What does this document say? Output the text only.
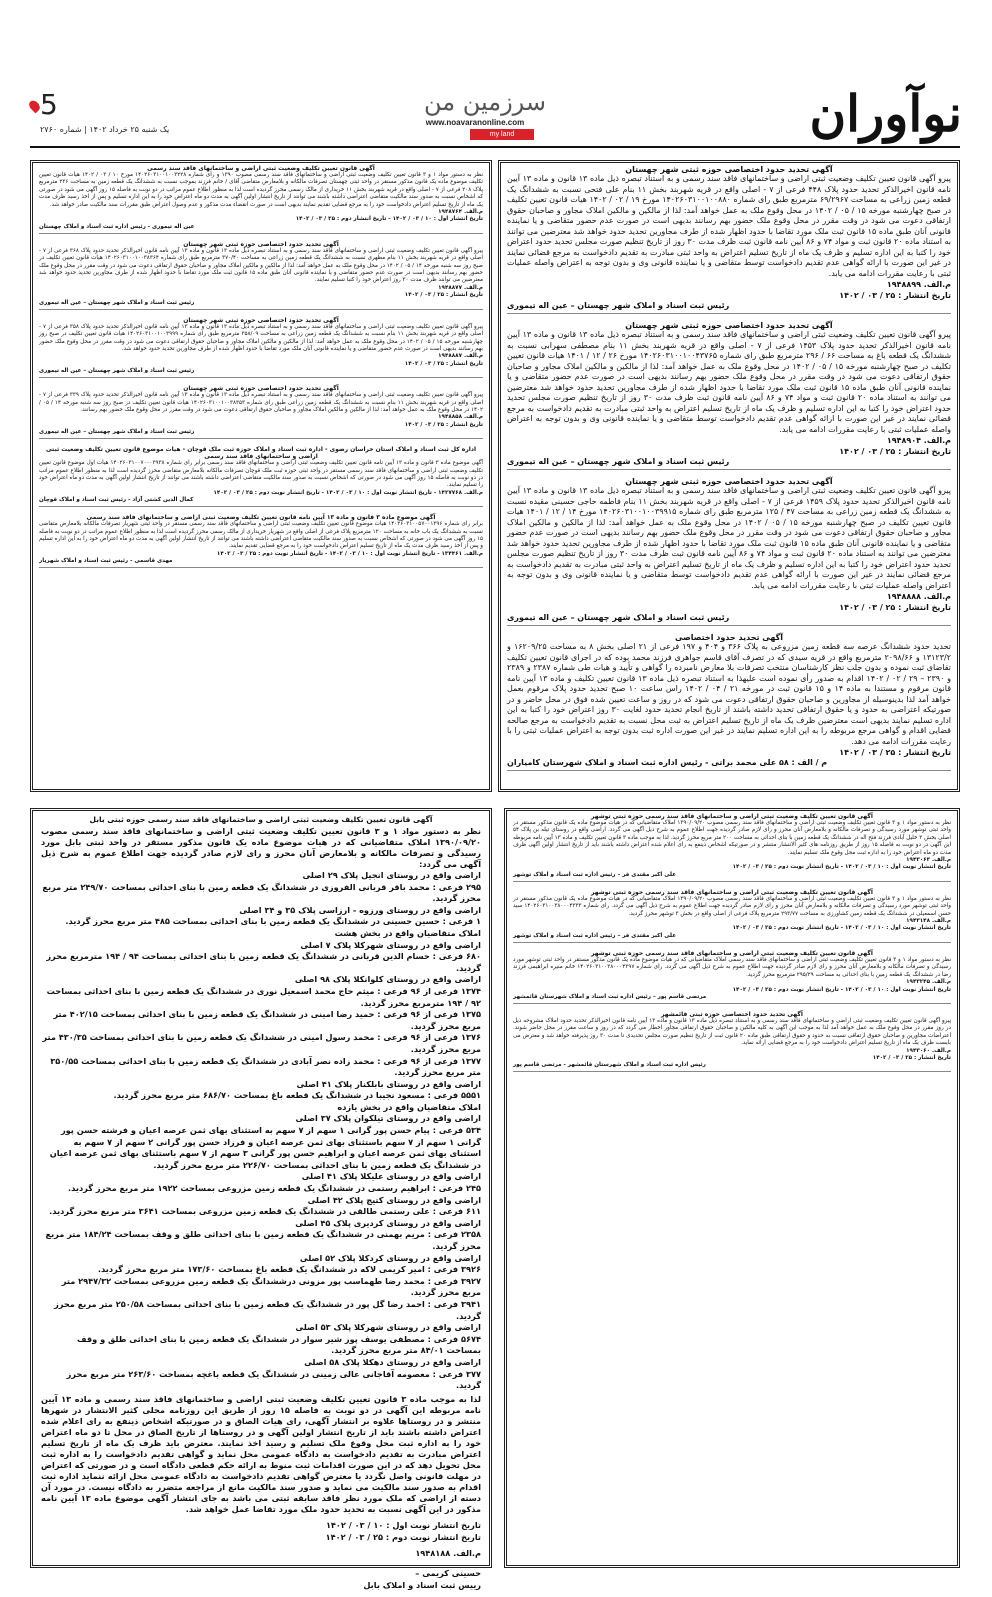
نوآوران
سرزمین من
www.noavaranonline.com
my land
5
یک شنبه ۲۵ خرداد ۱۴۰۲ | شماره ۲۷۶۰
آگهی تحدید حدود اختصاصی حوزه ثبتی شهر چهستان
پیرو آگهی قانون تعیین تکلیف وضعیت ثبتی اراضی و ساختمانهای فاقد سند رسمی و به استناد تبصره ذیل ماده ۱۳ قانون و ماده ۱۳ آیین نامه قانون اخیرالذکر تحدید حدود پلاک ۴۴۸ فرعی از ۷ - اصلی واقع در قریه شهربند بخش ۱۱ بنام علی فتحی نسبت به ششدانگ یک قطعه زمین زراعی به مساحت ۶۹/۲۹۶۷ مترمربع طبق رای شماره ۱۴۰۲۶۰۳۱۰۰۱۰۰۸۸۰ مورخ ۱۹ / ۰۲ / ۱۴۰۲ هیات قانون تعیین تکلیف در صبح چهارشنبه مورخه ۱۵ / ۰۵ / ۱۴۰۲ در محل وقوع ملک به عمل خواهد آمد: لذا از مالکین و مالکین املاک مجاور و صاحبان حقوق ارتفاقی دعوت می شود در وقت مقرر در محل وقوع ملک حضور بهم رسانند بدیهی است در صورت عدم حضور متقاضی و یا نماینده قانونی آنان طبق ماده ۱۵ قانون ثبت ملک مورد تقاضا با حدود اظهار شده از طرف مجاورین تحدید حدود خواهد شد معترضین می توانند به استناد ماده ۲۰ قانون ثبت و مواد ۷۴ و ۸۶ آیین نامه قانون ثبت ظرف مدت ۳۰ روز از تاریخ تنظیم صورت مجلس تحدید حدود اعتراض خود را کتبا به این اداره تسلیم و ظرف یک ماه از تاریخ تسلیم اعتراض به واحد ثبتی مبادرت به تقدیم دادخواست به مرجع قضائی نمایند در غیر این صورت با ارائه گواهی عدم تقدیم دادخواست توسط متقاضی و یا نماینده قانونی وی و بدون توجه به اعتراض واصله عملیات ثبتی با رعایت مقررات ادامه می یابد.
م.الف. ۱۹۴۸۸۹۹
تاریخ انتشار : ۲۵ / ۰۳ / ۱۴۰۲
رئیس ثبت اسناد و املاک شهر چهستان – عین اله تیموری
آگهی تحدید حدود اختصاصی حوزه ثبتی شهر چهستان
پیرو آگهی قانون تعیین تکلیف وضعیت ثبتی اراضی و ساختمانهای فاقد سند رسمی و به استناد تبصره ذیل ماده ۱۳ قانون و ماده ۱۳ آیین نامه قانون اخیرالذکر تحدید حدود پلاک ۱۴۵۳ فرعی از ۷ - اصلی واقع در قریه شهربند بخش ۱۱ بنام مصطفی سهرابی نسبت به ششدانگ یک قطعه باغ به مساحت ۶۶ / ۲۹۶ مترمربع طبق رای شماره ۱۴۰۲۶۰۳۱۰۰۱۰۰۴۳۷۶۵ مورخ ۲۶ / ۱۲ / ۱۴۰۱ هیات قانون تعیین تکلیف در صبح چهارشنبه مورخه ۱۵ / ۰۵ / ۱۴۰۲ در محل وقوع ملک به عمل خواهد آمد: لذا از مالکین و مالکین املاک مجاور و صاحبان حقوق ارتفاقی دعوت می شود در وقت مقرر در محل وقوع ملک حضور بهم رسانند بدیهی است در صورت عدم حضور متقاضی و یا نماینده قانونی آنان طبق ماده ۱۵ قانون ثبت ملک مورد تقاضا با حدود اظهار شده از طرف مجاورین تحدید حدود خواهد شد معترضین می توانند به استناد ماده ۲۰ قانون ثبت و مواد ۷۴ و ۸۶ آیین نامه قانون ثبت ظرف مدت ۳۰ روز از تاریخ تنظیم صورت مجلس تحدید حدود اعتراض خود را کتبا به این اداره تسلیم و ظرف یک ماه از تاریخ تسلیم اعتراض به واحد ثبتی مبادرت به تقدیم دادخواست به مرجع قضائی نمایند در غیر این صورت با ارائه گواهی عدم تقدیم دادخواست توسط متقاضی و یا نماینده قانونی وی و بدون توجه به اعتراض واصله عملیات ثبتی با رعایت مقررات ادامه می یابد.
م.الف. ۱۹۴۸۹۰۴
تاریخ انتشار : ۲۵ / ۰۳ / ۱۴۰۲
رئیس ثبت اسناد و املاک شهر چهستان – عین اله تیموری
آگهی تحدید حدود اختصاصی حوزه ثبتی شهر چهستان
پیرو آگهی قانون تعیین تکلیف وضعیت ثبتی اراضی و ساختمانهای فاقد سند رسمی و به استناد تبصره ذیل ماده ۱۳ قانون و ماده ۱۳ آیین نامه قانون اخیرالذکر تحدید حدود پلاک ۱۴۵۹ فرعی از ۷ - اصلی واقع در قریه شهربند بخش ۱۱ بنام فاطمه حاجی حسینی مقیده نسبت به ششدانگ یک قطعه زمین زراعی به مساحت ۴۷ / ۱۲۵ مترمربع طبق رای شماره ۱۴۰۲۶۰۳۱۰۰۱۰۰۳۹۹۱۵ مورخ ۱۴ / ۱۲ / ۱۴۰۱ هیات قانون تعیین تکلیف در صبح چهارشنبه مورخه ۱۵ / ۰۵ / ۱۴۰۲ در محل وقوع ملک به عمل خواهد آمد: لذا از مالکین و مالکین املاک مجاور و صاحبان حقوق ارتفاقی دعوت می شود در وقت مقرر در محل وقوع ملک حضور بهم رسانند بدیهی است در صورت عدم حضور متقاضی و یا نماینده قانونی آنان طبق ماده ۱۵ قانون ثبت ملک مورد تقاضا با حدود اظهار شده از طرف مجاورین تحدید حدود خواهد شد معترضین می توانند به استناد ماده ۲۰ قانون ثبت و مواد ۷۴ و ۸۶ آیین نامه قانون ثبت ظرف مدت ۳۰ روز از تاریخ تنظیم صورت مجلس تحدید حدود اعتراض خود را کتبا به این اداره تسلیم و ظرف یک ماه از تاریخ تسلیم اعتراض به واحد ثبتی مبادرت به تقدیم دادخواست به مرجع قضائی نمایند در غیر این صورت با ارائه گواهی عدم تقدیم دادخواست توسط متقاضی و یا نماینده قانونی وی و بدون توجه به اعتراض واصله عملیات ثبتی با رعایت مقررات ادامه می یابد.
م.الف. ۱۹۴۸۸۸۸
تاریخ انتشار : ۲۵ / ۰۳ / ۱۴۰۲
رئیس ثبت اسناد و املاک شهر چهستان – عین اله تیموری
آگهی تحدید حدود اختصاصی
تحدید حدود ششدانگ عرصه سه قطعه زمین مزروعی به پلاک ۳۶۶ و ۴۰۴ و ۱۹۷ فرعی از ۲۱ اصلی بخش ۸ به مساحت ۱۶۲۰۹/۲۵ و ۱۳۱۲۳/۲ و ۲۰۹۸/۶۶ مترمربع واقع در قریه سیدی که در تصرف آقای قاسم جواهری فرزند محمد بوده که در اجرای قانون تعیین تکلیف تقاضای ثبت نموده و بدون جلب نظر کارشناسان منتخب تصرفات بلا معارض نامبرده را گواهی و تأیید و هیات طی شماره ۲۳۸۷ و ۲۳۸۹ و ۲۳۹۰ – ۲۹ / ۰۲ / ۱۴۰۲ اقدام به صدور رأی نموده است علیهذا به استناد تبصره ذیل ماده ۱۳ قانون تعیین تکلیف و ماده ۱۳ آیین نامه قانون مرقوم و مستندا به ماده ۱۴ و ۱۵ قانون ثبت در مورخه ۲۱ / ۰۴ / ۱۴۰۲ راس ساعت ۱۰ صبح تحدید حدود پلاک مرقوم بعمل خواهد آمد لذا بدینوسیله از مجاورین و صاحبان حقوق ارتفاقی دعوت می شود که در روز و ساعت تعیین شده فوق در محل حاضر و در صورتیکه اعتراضی به حدود و یا حقوق ارتفاقی تحدید داشته باشند از تاریخ انجام تحدید حدود لغایت ۳۰ روز اعتراض خود را کتبا به این اداره تسلیم نمایند بدیهی است معترضین ظرف یک ماه از تاریخ تسلیم اعتراض به ثبت محل نسبت به تقدیم دادخواست به مرجع صالحه قضایی اقدام و گواهی مرجع مربوطه را به این اداره تسلیم نمایند در غیر این صورت اداره ثبت بدون توجه به اعتراض عملیات ثبتی را با رعایت مقررات ادامه می دهد.
تاریخ انتشار : ۲۵ / ۰۳ / ۱۴۰۲
م / الف : ۵۸ علی محمد براتی - رئیس اداره ثبت اسناد و املاک شهرستان کامیاران
آگهی قانون تعیین تکلیف وضعیت ثبتی اراضی و ساختمانهای فاقد سند رسمی
نظر به دستور مواد ۱ و ۳ قانون تعیین تکلیف وضعیت ثبتی اراضی و ساختمانهای فاقد سند رسمی مصوب ۱۳۹۰ و رأی شماره ۱۴۰۲۶۰۳۱۰۰۱۰۰۳۲۲۸ مورخ ۱۰ / ۰۳ / ۱۴۰۲ هیات قانون تعیین تکلیف موضوع ماده یک قانون مذکور مستقر در واحد ثبتی چهستان تصرفات مالکانه و بلامعارض متقاضی آقای / خانم فرزند بموجب نسبت به ششدانگ یک قطعه زمین به مساحت ۲۳۶ مترمربع پلاک ۲۰۸ فرعی از ۷ - اصلی واقع در قریه شهربند بخش ۱۱ خریداری از مالک رسمی محرز گردیده است لذا به منظور اطلاع عموم مراتب در دو نوبت به فاصله ۱۵ روز آگهی می شود در صورتی که اشخاص نسبت به صدور سند مالکیت متقاضی اعتراضی داشته باشند می توانند از تاریخ انتشار اولین آگهی به مدت دو ماه اعتراض خود را به این اداره تسلیم و پس از اخذ رسید ظرف مدت یک ماه از تاریخ تسلیم اعتراض دادخواست خود را به مرجع قضایی تقدیم نمایند بدیهی است در صورت انقضاء مدت مذکور و عدم وصول اعتراض طبق مقررات سند مالکیت صادر خواهد شد.
م.الف. ۱۹۴۸۷۶۴
تاریخ انتشار اول : ۱۰ / ۰۳ / ۱۴۰۲ - تاریخ انتشار دوم : ۲۵ / ۰۳ / ۱۴۰۲
عین اله تیموری - رئیس اداره ثبت اسناد و املاک چهستان
آگهی تحدید حدود اختصاصی حوزه ثبتی شهر چهستان
پیرو آگهی قانون تعیین تکلیف وضعیت ثبتی اراضی و ساختمانهای فاقد سند رسمی و به استناد تبصره ذیل ماده ۱۳ قانون و ماده ۱۳ آیین نامه قانون اخیرالذکر تحدید حدود پلاک ۳۶۸ فرعی از ۷ - اصلی واقع در قریه شهربند بخش ۱۱ بنام مظهری نسبت به ششدانگ یک قطعه زمین زراعی به مساحت ۳۷۰/۴۰ مترمربع طبق رای شماره ۱۴۰۲۶۰۳۱۰۰۱۰۰۳۸۳۶۴ هیات قانون تعیین تکلیف در صبح روز سه شنبه مورخه ۱۴ / ۰۵ / ۱۴۰۲ در محل وقوع ملک به عمل خواهد آمد: لذا از مالکین و مالکین املاک مجاور و صاحبان حقوق ارتفاقی دعوت می شود در وقت مقرر در محل وقوع ملک حضور بهم رسانند بدیهی است در صورت عدم حضور متقاضی و یا نماینده قانونی آنان طبق ماده ۱۵ قانون ثبت ملک مورد تقاضا با حدود اظهار شده از طرف مجاورین تحدید حدود خواهد شد معترضین می توانند ظرف مدت ۳۰ روز اعتراض خود را کتبا تسلیم نمایند.
م.الف. ۱۹۴۸۸۷۷
تاریخ انتشار : ۲۵ / ۰۳ / ۱۴۰۲
رئیس ثبت اسناد و املاک شهر چهستان – عین اله تیموری
آگهی تحدید حدود اختصاصی حوزه ثبتی شهر چهستان
پیرو آگهی قانون تعیین تکلیف وضعیت ثبتی اراضی و ساختمانهای فاقد سند رسمی و به استناد تبصره ذیل ماده ۱۳ قانون و ماده ۱۳ آیین نامه قانون اخیرالذکر تحدید حدود پلاک ۳۵۸ فرعی از ۷ - اصلی واقع در قریه شهربند بخش ۱۱ بنام نسبت به ششدانگ یک قطعه زمین زراعی به مساحت ۳۵۸/۰۹ مترمربع طبق رای شماره ۱۴۰۲۶۰۳۱۰۰۱۰۰۳۹۹۹ هیات قانون تعیین تکلیف در صبح روز چهارشنبه مورخه ۱۵ / ۰۵ / ۱۴۰۲ در محل وقوع ملک به عمل خواهد آمد: لذا از مالکین و مالکین املاک مجاور و صاحبان حقوق ارتفاقی دعوت می شود در وقت مقرر در محل وقوع ملک حضور بهم رسانند بدیهی است در صورت عدم حضور متقاضی و یا نماینده قانونی آنان ملک مورد تقاضا با حدود اظهار شده از طرف مجاورین تحدید حدود خواهد شد.
م.الف. ۱۹۴۸۸۸۷
تاریخ انتشار : ۲۵ / ۰۳ / ۱۴۰۲
رئیس ثبت اسناد و املاک شهر چهستان – عین اله تیموری
آگهی تحدید حدود اختصاصی حوزه ثبتی شهر چهستان
پیرو آگهی قانون تعیین تکلیف وضعیت ثبتی اراضی و ساختمانهای فاقد سند رسمی و به استناد تبصره ذیل ماده ۱۳ قانون و ماده ۱۳ آیین نامه قانون اخیرالذکر تحدید حدود پلاک ۳۳۹ فرعی از ۷ - اصلی واقع در قریه شهربند بخش ۱۱ بنام نسبت به ششدانگ یک قطعه زمین زراعی طبق رای شماره ۱۴۰۲۶۰۳۱۰۰۱۰۰۳۸۳۵۳ هیات قانون تعیین تکلیف در صبح روز سه شنبه مورخه ۱۴ / ۰۵ / ۱۴۰۲ در محل وقوع ملک به عمل خواهد آمد: لذا از مالکین و مالکین املاک مجاور و صاحبان حقوق ارتفاقی دعوت می شود در وقت مقرر در محل وقوع ملک حضور بهم رسانند.
م.الف. ۱۹۴۸۸۵۸
تاریخ انتشار : ۲۵ / ۰۳ / ۱۴۰۲
رئیس ثبت اسناد و املاک شهر چهستان – عین اله تیموری
اداره کل ثبت اسناد و املاک استان خراسان رضوی - اداره ثبت اسناد و املاک حوزه ثبت ملک قوچان - هیات موضوع قانون تعیین تکلیف وضعیت ثبتی اراضی و ساختمانهای فاقد سند رسمی
آگهی موضوع ماده ۳ قانون و ماده ۱۳ آیین نامه قانون تعیین تکلیف وضعیت ثبتی اراضی و ساختمانهای فاقد سند رسمی برابر رای شماره ۱۴۰۲۶۰۳۱۰۰۷۰۰۰۳۹۳۸ هیات اول موضوع قانون تعیین تکلیف وضعیت ثبتی اراضی و ساختمانهای فاقد سند رسمی مستقر در واحد ثبتی حوزه ثبت ملک قوچان تصرفات مالکانه بلامعارض متقاضی محرز گردیده است لذا به منظور اطلاع عموم مراتب در دو نوبت به فاصله ۱۵ روز آگهی می شود در صورتی که اشخاص نسبت به صدور سند مالکیت متقاضی اعتراضی داشته باشند می توانند از تاریخ انتشار اولین آگهی به مدت دو ماه اعتراض خود را تسلیم نمایند.
م.الف. ۱۴۲۷۷۶۸ - تاریخ انتشار نوبت اول : ۱۰ / ۰۳ / ۱۴۰۲ - تاریخ انتشار نوبت دوم : ۲۵ / ۰۳ / ۱۴۰۲
کمال الدین کشتی آزاد - رئیس ثبت اسناد و املاک قوچان
آگهی موضوع ماده ۳ قانون و ماده ۱۳ آیین نامه قانون تعیین تکلیف وضعیت ثبتی اراضی و ساختمانهای فاقد سند رسمی
برابر رای شماره ۱۴۰۲۶۰۳۱۰۰۵۷۰۰۱۳۹۶ هیات موضوع قانون تعیین تکلیف وضعیت ثبتی اراضی و ساختمانهای فاقد سند رسمی مستقر در واحد ثبتی شهریار تصرفات مالکانه بلامعارض متقاضی نسبت به ششدانگ یک باب خانه به مساحت ۱۲۰ مترمربع پلاک فرعی از اصلی واقع در شهریار خریداری از مالک رسمی محرز گردیده است لذا به منظور اطلاع عموم مراتب در دو نوبت به فاصله ۱۵ روز آگهی می شود در صورتی که اشخاص نسبت به صدور سند مالکیت متقاضی اعتراضی داشته باشند می توانند از تاریخ انتشار اولین آگهی به مدت دو ماه اعتراض خود را به این اداره تسلیم و پس از اخذ رسید ظرف مدت یک ماه از تاریخ تسلیم اعتراض دادخواست خود را به مرجع قضایی تقدیم نمایند.
م.الف. ۱۳۴۴۶۱ - تاریخ انتشار نوبت اول : ۱۰ / ۰۳ / ۱۴۰۲ - تاریخ انتشار نوبت دوم : ۲۵ / ۰۳ / ۱۴۰۲
مهدی قاسمی - رئیس ثبت اسناد و املاک شهریار
آگهی قانون تعیین تکلیف وضعیت ثبتی اراضی و ساختمانهای فاقد سند رسمی حوزه ثبتی بابل
نظر به دستور مواد ۱ و ۳ قانون تعیین تکلیف وضعیت ثبتی اراضی و ساختمانهای فاقد سند رسمی مصوب ۱۳۹۰/۰۹/۲۰ املاک متقاضیانی که در هیات موضوع ماده یک قانون مذکور مستقر در واحد ثبتی بابل مورد رسیدگی و تصرفات مالکانه و بلامعارض آنان محرز و رای لازم صادر گردیده جهت اطلاع عموم به شرح ذیل آگهی می گردد:
اراضی واقع در روستای انجیل پلاک ۲۹ اصلی
۲۹۵ فرعی : محمد باقر قربانی الفروزی در ششدانگ یک قطعه زمین با بنای احداثی بمساحت ۲۴۹/۷۰ متر مربع محرز گردید.
اراضی واقع در روستای ورزوه - ارزاسی پلاک ۳۵ و ۳۴ اصلی
۱ فرعی : حسین حسینی در ششدانگ یک قطعه زمین با بنای احداثی بمساحت ۴۸۵ متر مربع محرز گردید.
املاک متقاضیان واقع در بخش هشت
اراضی واقع در روستای شهرکلا پلاک ۷ اصلی
۶۸۰ فرعی : حسام الدین قربانی در ششدانگ یک قطعه زمین با بنای احداثی بمساحت ۹۴ / ۱۹۴ مترمربع محرز گردید.
اراضی واقع در روستای کلوانکلا پلاک ۹۸ اصلی
۱۳۷۴ فرعی از ۹۶ فرعی : میثم حاج محمد اسمعیل نوری در ششدانگ یک قطعه زمین با بنای احداثی بمساحت ۹۲ / ۱۹۴ مترمربع محرز گردید.
۱۳۷۵ فرعی از ۹۶ فرعی : حمید رضا امینی در ششدانگ یک قطعه زمین با بنای احداثی بمساحت ۴۰۲/۱۵ متر مربع محرز گردید.
۱۳۷۶ فرعی از ۹۶ فرعی : محمد رسول امینی در ششدانگ یک قطعه زمین با بنای احداثی بمساحت ۴۳۰/۳۵ متر مربع محرز گردید.
۱۳۷۷ فرعی از ۹۶ فرعی : محمد زاده نصر آبادی در ششدانگ یک قطعه زمین با بنای احداثی بمساحت ۳۵۰/۵۵ متر مربع محرز گردید.
اراضی واقع در روستای بابلکنار پلاک ۴۱ اصلی
۵۵۵۱ فرعی : مسعود نجیبا در ششدانگ یک قطعه باغ بمساحت ۶۸۶/۷۰ متر مربع محرز گردید.
املاک متقاضیان واقع در بخش یازده
اراضی واقع در روستای تیلکوان پلاک ۳۷ اصلی
۵۳۴ فرعی : پیام حسن پور گرانی ۱ سهم از ۷ سهم به استثنای بهای ثمن عرصه اعیان و فرشته حسن پور گرانی ۱ سهم از ۷ سهم باستثنای بهای ثمن عرصه اعیان و فرزاد حسن پور گرانی ۲ سهم از ۷ سهم به استثنای بهای ثمن عرصه اعیان و ابراهیم حسن پور گرانی ۳ سهم از ۷ سهم باستثنای بهای ثمن عرصه اعیان در ششدانگ یک قطعه زمین با بنای احداثی بمساحت ۲۲۶/۷۰ متر مربع محرز گردید.
اراضی واقع در روستای علیکلا پلاک ۴۱ اصلی
۲۴۵ فرعی : ابراهیم رستمی در ششدانگ یک قطعه زمین مزروعی بمساحت ۱۹۲۲ متر مربع محرز گردید.
اراضی واقع در روستای کتیج پلاک ۴۲ اصلی
۶۱۱ فرعی : علی رستمی طالقی در ششدانگ یک قطعه زمین مزروعی بمساحت ۳۶۴۱ متر مربع محرز گردید.
اراضی واقع در روستای کردیری پلاک ۴۵ اصلی
۲۳۵۸ فرعی : مریم بهمنی در ششدانگ یک قطعه زمین با بنای احداثی طلق و وقف بمساحت ۱۸۴/۲۴ متر مربع محرز گردید.
اراضی واقع در روستای کردکلا پلاک ۵۲ اصلی
۳۹۲۶ فرعی : امیر کریمی لاکه در ششدانگ یک قطعه باغ بمساحت ۱۷۳/۶۰ متر مربع محرز گردید.
۳۹۲۷ فرعی : محمد رضا طهماسب پور مزونی درششدانگ یک قطعه زمین مزروعی بمساحت ۲۹۴۷/۳۲ متر مربع محرز گردید.
۳۹۴۱ فرعی : احمد رضا گل پور در ششدانگ یک قطعه زمین با بنای احداثی بمساحت ۲۵۰/۵۸ متر مربع محرز گردید.
اراضی واقع در روستای شهرکلا پلاک ۵۳ اصلی
۵۶۷۴ فرعی : مصطفی یوسف پور شیر سوار در ششدانگ یک قطعه زمین با بنای احداثی طلق و وقف بمساحت ۸۴/۰۱ متر مربع محرز گردید.
اراضی واقع در روستای دهکلا پلاک ۵۸ اصلی
۳۷۷ فرعی : معصومه آقاجانی عالی زمینی در ششدانگ یک قطعه باغچه بمساحت ۲۶۳/۶۰ متر مربع محرز گردید.
لذا به موجب ماده ۳ قانون تعیین تکلیف وضعیت ثبتی اراضی و ساختمانهای فاقد سند رسمی و ماده ۱۳ آیین نامه مربوطه این آگهی در دو نوبت به فاصله ۱۵ روز از طریق این روزنامه محلی کثیر الانتشار در شهرها منتشر و در روستاها علاوه بر انتشار آگهی، رای هیات الصاق و در صورتیکه اشخاص ذینفع به رای اعلام شده اعتراض داشته باشند باید از تاریخ انتشار اولین آگهی و در روستاها از تاریخ الصاق در محل تا دو ماه اعتراض خود را به اداره ثبت محل وقوع ملک تسلیم و رسید اخذ نمایند. معترض باید ظرف یک ماه از تاریخ تسلیم اعتراض مبادرت به تقدیم دادخواست به دادگاه عمومی محل نماید و گواهی تقدیم دادخواست را به اداره ثبت محل تحویل دهد که در این صورت اقدامات ثبت منوط به ارائه حکم قطعی دادگاه است و در صورتی که اعتراض در مهلت قانونی واصل نگردد یا معترض گواهی تقدیم دادخواست به دادگاه عمومی محل ارائه ننماید اداره ثبت اقدام به صدور سند مالکیت می نماید و صدور سند مالکیت مانع از مراجعه متضرر به دادگاه نیست. در مورد آن دسته از اراضی که ملک مورد نظر فاقد سابقه ثبتی می باشد به جای انتشار آگهی موضوع ماده ۱۳ آیین نامه مذکور در این آگهی نسبت به تحدید حدود ملک مورد تقاضا عمل خواهد شد.
تاریخ انتشار نوبت اول : ۱۰ / ۰۳ / ۱۴۰۲
تاریخ انتشار نوبت دوم : ۲۵ / ۰۳ / ۱۴۰۲
م.الف. ۱۹۴۸۱۸۸
حسینی کریمی –
رییس ثبت اسناد و املاک بابل
آگهی قانون تعیین تکلیف وضعیت ثبتی اراضی و ساختمانهای فاقد سند رسمی حوزه ثبتی توشهر
نظر به دستور مواد ۱ و ۳ قانون تعیین تکلیف وضعیت ثبتی اراضی و ساختمانهای فاقد سند رسمی مصوب ۱۳۹۰/۰۹/۲۰ املاک متقاضیانی که در هیات موضوع ماده یک قانون مذکور مستقر در واحد ثبتی توشهر مورد رسیدگی و تصرفات مالکانه و بلامعارض آنان محرز و رای لازم صادر گردیده جهت اطلاع عموم به شرح ذیل آگهی می گردد. اراضی واقع در روستای تیله بن پلاک ۵۴ اصلی بخش ۳ خلیل آبادی فرزند فتح اله در ششدانگ یک قطعه زمین با بنای احداثی به مساحت ۲۰۰ متر مربع محرز گردید. لذا به موجب ماده ۳ قانون تعیین تکلیف و ماده ۱۳ آیین نامه مربوطه این آگهی در دو نوبت به فاصله ۱۵ روز از طریق روزنامه های کثیر الانتشار منتشر و در صورتیکه اشخاص ذینفع به رای اعلام شده اعتراض داشته باشند باید از تاریخ انتشار اولین آگهی ظرف مدت دو ماه اعتراض خود را به اداره ثبت محل وقوع ملک تسلیم نمایند.
م.الف. ۱۹۴۳۰۶۳
تاریخ انتشار نوبت اول : ۱۰ / ۰۳ / ۱۴۰۲ - تاریخ انتشار نوبت دوم : ۲۵ / ۰۳ / ۱۴۰۲
علی اکبر مقتدی فر – رئیس اداره ثبت اسناد و املاک توشهر
آگهی قانون تعیین تکلیف وضعیت ثبتی اراضی و ساختمانهای فاقد سند رسمی حوزه ثبتی توشهر
نظر به دستور مواد ۱ و ۳ قانون تعیین تکلیف وضعیت ثبتی اراضی و ساختمانهای فاقد سند رسمی مصوب ۱۳۹۰/۰۹/۲۰ املاک متقاضیانی که در هیات موضوع ماده یک قانون مذکور مستقر در واحد ثبتی توشهر مورد رسیدگی و تصرفات مالکانه و بلامعارض آنان محرز و رای لازم صادر گردیده جهت اطلاع عموم به شرح ذیل آگهی می گردد. رای شماره ۱۴۰۲۶۰۳۱۰۰۳۸۰۰۰۴۳۳۳ سید حسن اسمعیلی در ششدانگ یک قطعه زمین کشاورزی به مساحت ۲۹۳/۷۷ مترمربع پلاک فرعی از اصلی واقع در بخش ۳ توشهر محرز گردید.
م.الف. ۱۹۴۳۱۴۸
تاریخ انتشار نوبت اول : ۱۰ / ۰۳ / ۱۴۰۲ - تاریخ انتشار نوبت دوم : ۲۵ / ۰۳ / ۱۴۰۲
علی اکبر مقتدی فر – رئیس اداره ثبت اسناد و املاک توشهر
آگهی قانون تعیین تکلیف وضعیت ثبتی اراضی و ساختمانهای فاقد سند رسمی حوزه ثبتی توشهر
نظر به دستور مواد ۱ و ۳ قانون تعیین تکلیف وضعیت ثبتی اراضی و ساختمانهای فاقد سند رسمی املاک متقاضیانی که در هیات موضوع ماده یک قانون مذکور مستقر در واحد ثبتی توشهر مورد رسیدگی و تصرفات مالکانه و بلامعارض آنان محرز و رای لازم صادر گردیده جهت اطلاع عموم به شرح ذیل آگهی می گردد. رای شماره ۱۴۰۲۶۰۳۱۰۰۳۸۰۰۰۴۳۹۷ خانم منیره ابراهیمی فرزند رضا در ششدانگ یک قطعه زمین با بنای احداثی به مساحت ۲۹۵/۲۹ مترمربع محرز گردید.
م.الف. ۱۹۴۳۲۴۵
تاریخ انتشار نوبت اول : ۱۰ / ۰۳ / ۱۴۰۲ - تاریخ انتشار نوبت دوم : ۲۵ / ۰۳ / ۱۴۰۲
مرتضی قاسم پور – رئیس اداره ثبت اسناد و املاک شهرستان قائمشهر
آگهی تحدید حدود اختصاصی حوزه ثبتی قائمشهر
پیرو آگهی قانون تعیین تکلیف وضعیت ثبتی اراضی و ساختمانهای فاقد سند رسمی و به استناد تبصره ذیل ماده ۱۳ قانون و ماده ۱۳ آیین نامه قانون اخیرالذکر تحدید حدود املاک مشروحه ذیل در روز مقرر در محل وقوع ملک به عمل خواهد آمد لذا به موجب این آگهی به کلیه مالکین و صاحبان حقوق ارتفاقی مجاور اخطار می گردد که در روز و ساعت مقرر در محل حاضر شوند. اعتراضات مجاورین و صاحبان حقوق ارتفاقی نسبت به حدود و حقوق ارتفاقی طبق ماده ۲۰ قانون ثبت از تاریخ تنظیم صورت مجلس تحدیدی تا مدت ۳۰ روز پذیرفته خواهد شد و معترض می بایست ظرف یک ماه از تاریخ تسلیم اعتراض دادخواست خود را به مرجع قضایی ارائه نماید.
م.الف. ۱۹۴۳۰۶۰
تاریخ انتشار : ۲۵ / ۰۳ / ۱۴۰۲
رئیس اداره ثبت اسناد و املاک شهرستان قائمشهر - مرتضی قاسم پور
